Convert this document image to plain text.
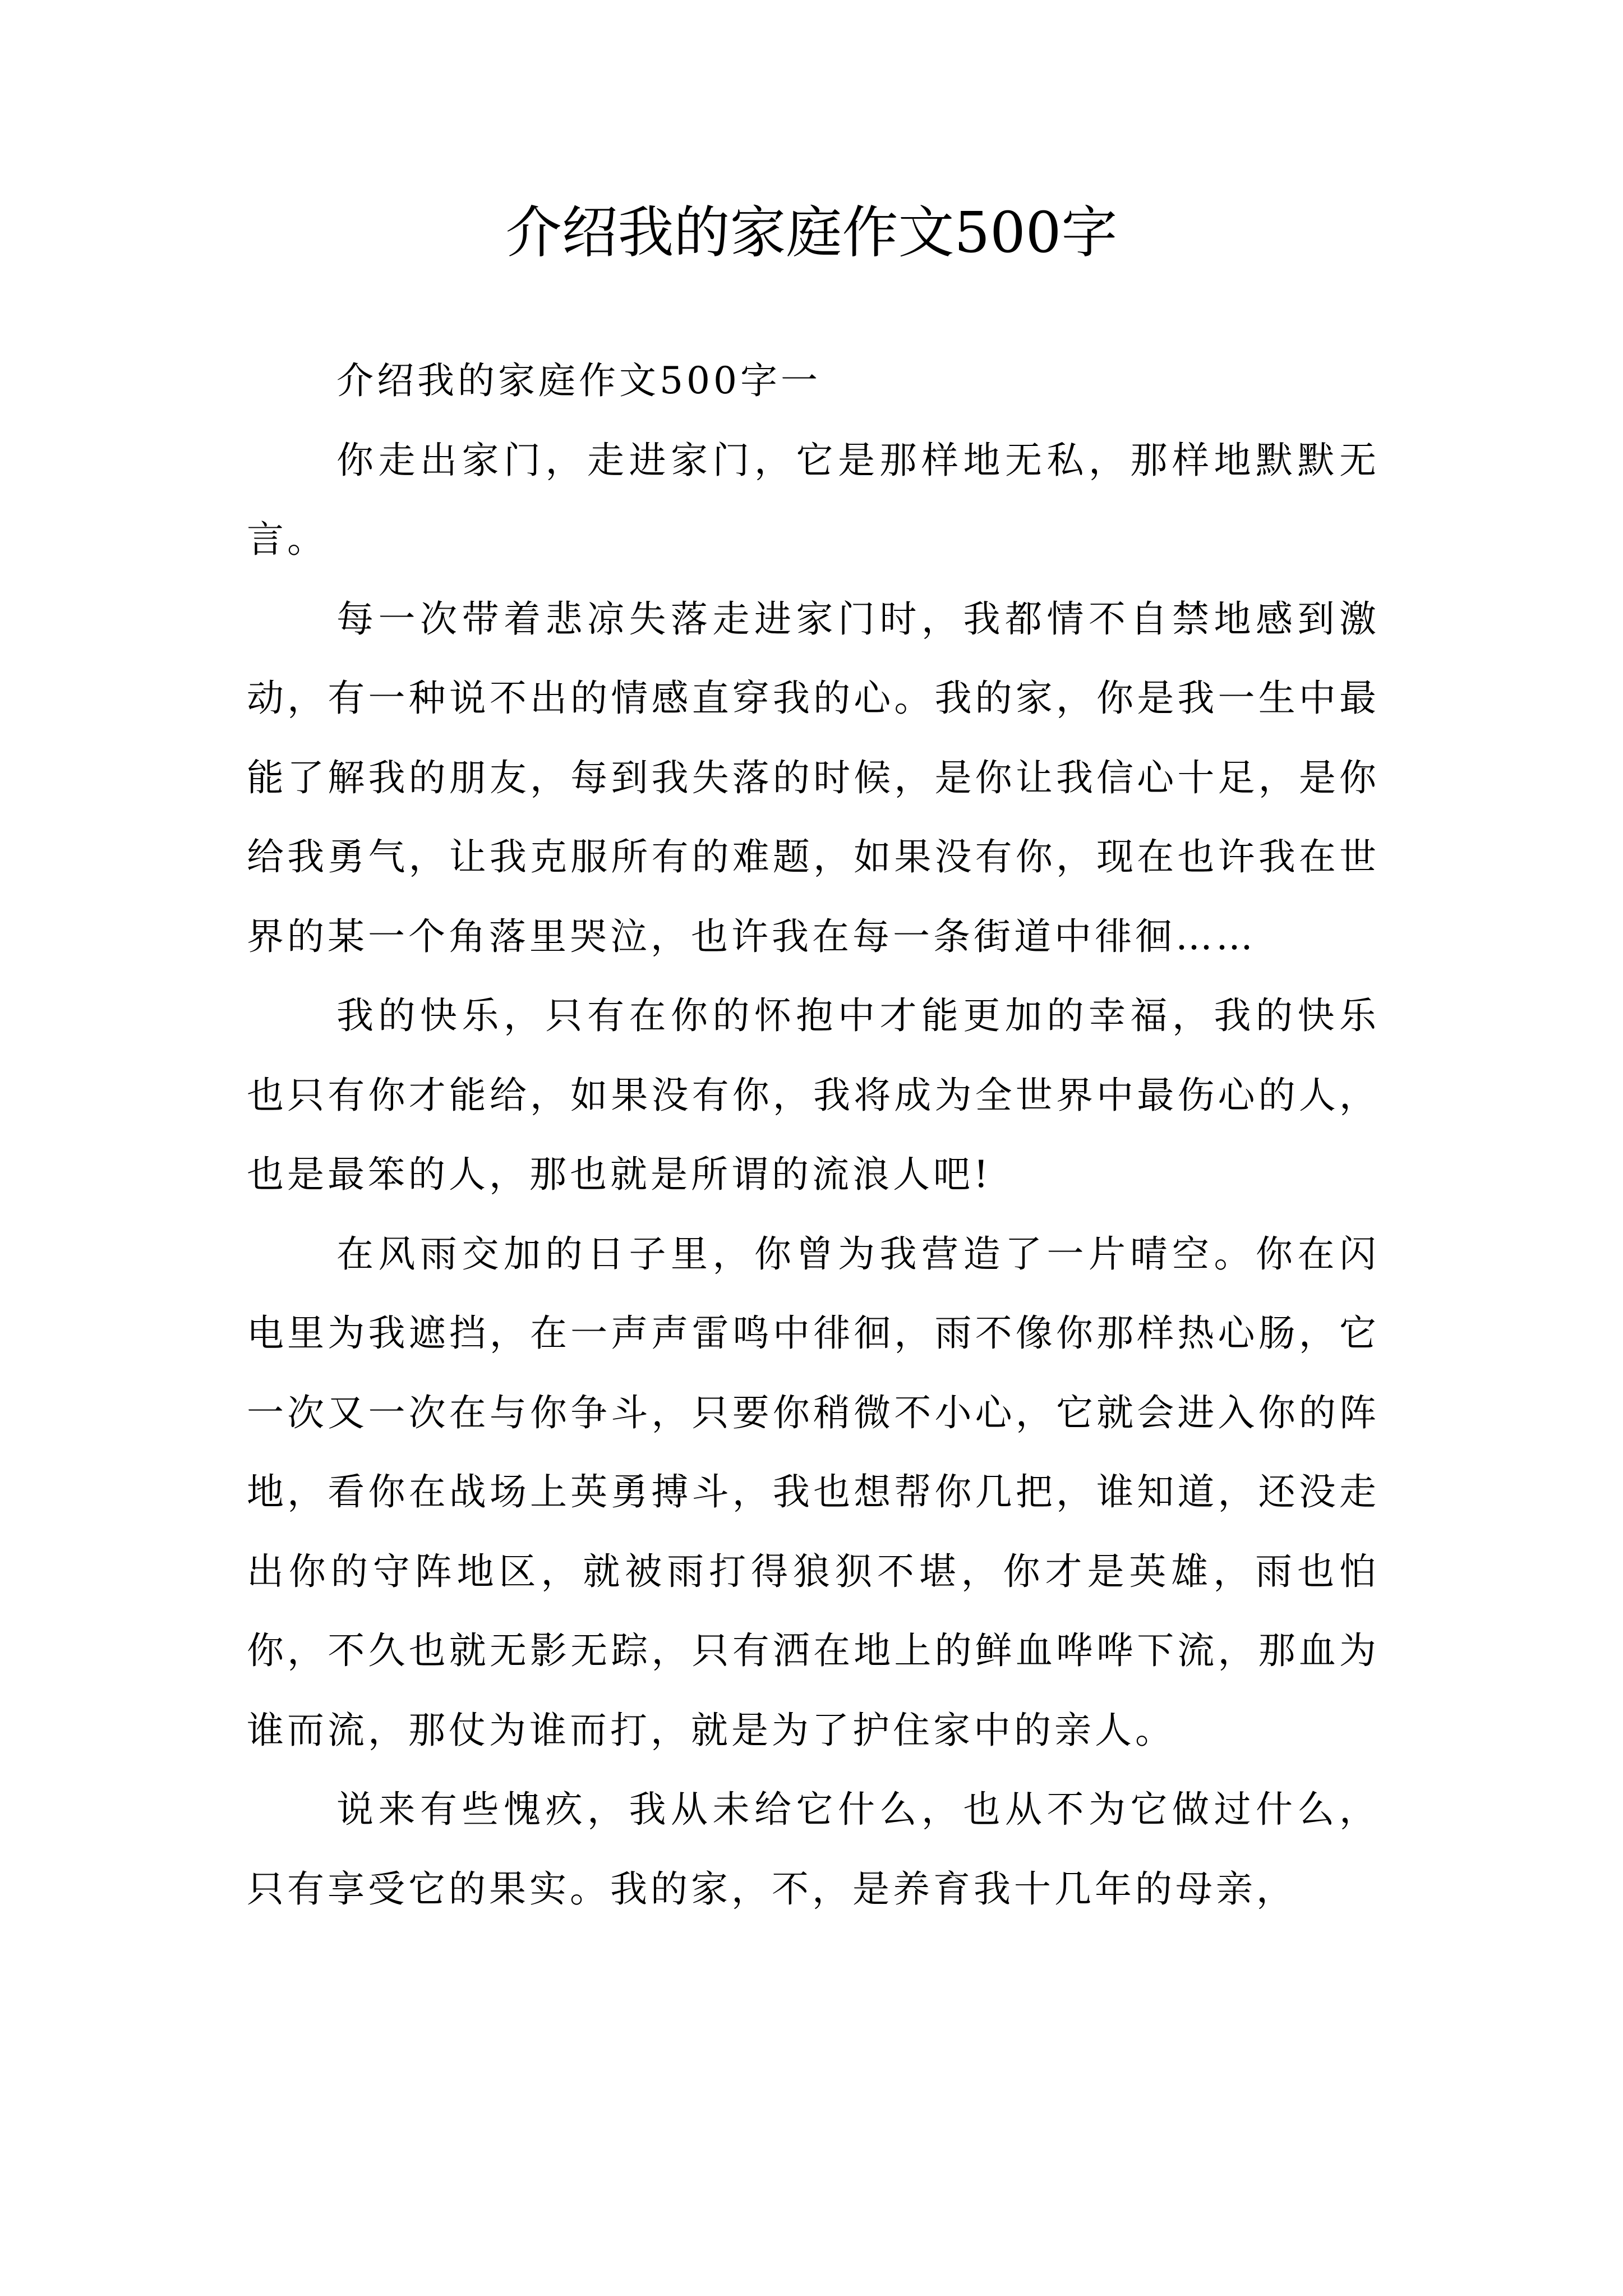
介绍我的家庭作文500字

介绍我的家庭作文500字一

你走出家门，走进家门，它是那样地无私，那样地默默无言。

每一次带着悲凉失落走进家门时，我都情不自禁地感到激动，有一种说不出的情感直穿我的心。我的家，你是我一生中最能了解我的朋友，每到我失落的时候，是你让我信心十足，是你给我勇气，让我克服所有的难题，如果没有你，现在也许我在世界的某一个角落里哭泣，也许我在每一条街道中徘徊……

我的快乐，只有在你的怀抱中才能更加的幸福，我的快乐也只有你才能给，如果没有你，我将成为全世界中最伤心的人，也是最笨的人，那也就是所谓的流浪人吧!

在风雨交加的日子里，你曾为我营造了一片晴空。你在闪电里为我遮挡，在一声声雷鸣中徘徊，雨不像你那样热心肠，它一次又一次在与你争斗，只要你稍微不小心，它就会进入你的阵地，看你在战场上英勇搏斗，我也想帮你几把，谁知道，还没走出你的守阵地区，就被雨打得狼狈不堪，你才是英雄，雨也怕你，不久也就无影无踪，只有洒在地上的鲜血哗哗下流，那血为谁而流，那仗为谁而打，就是为了护住家中的亲人。

说来有些愧疚，我从未给它什么，也从不为它做过什么，只有享受它的果实。我的家，不，是养育我十几年的母亲，
